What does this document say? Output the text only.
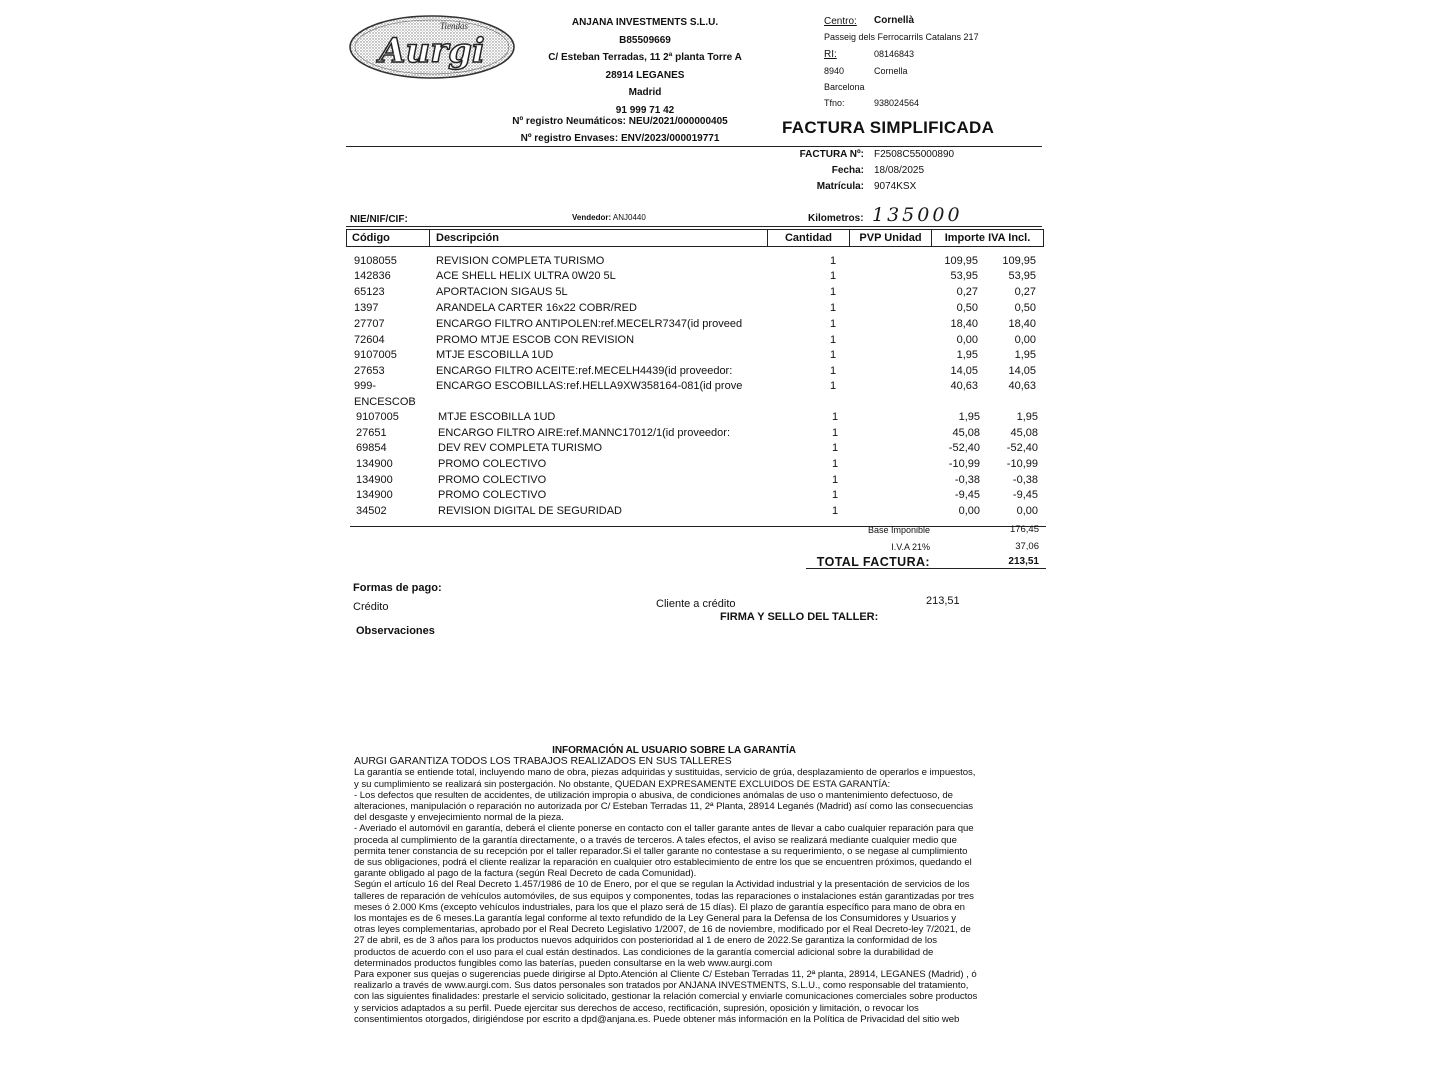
Tiendas
Aurgi
ANJANA INVESTMENTS S.L.U.
B85509669
C/ Esteban Terradas, 11 2ª planta Torre A
28914 LEGANES
Madrid
91 999 71 42
Nº registro Neumáticos: NEU/2021/000000405
Nº registro Envases: ENV/2023/000019771
Centro: Cornellà
Passeig dels Ferrocarrils Catalans 217
RI:	08146843
8940	Cornella
Barcelona
Tfno:	938024564
FACTURA SIMPLIFICADA
FACTURA Nº: F2508C55000890
Fecha: 18/08/2025
Matrícula: 9074KSX
NIE/NIF/CIF:	Vendedor: ANJ0440	Kilometros: 135000
Código	Descripción	Cantidad	PVP Unidad	Importe IVA Incl.
9108055	REVISION COMPLETA TURISMO	1	109,95	109,95
142836	ACE SHELL HELIX ULTRA 0W20 5L	1	53,95	53,95
65123	APORTACION SIGAUS 5L	1	0,27	0,27
1397	ARANDELA CARTER 16x22 COBR/RED	1	0,50	0,50
27707	ENCARGO FILTRO ANTIPOLEN:ref.MECELR7347(id proveed	1	18,40	18,40
72604	PROMO MTJE ESCOB CON REVISION	1	0,00	0,00
9107005	MTJE ESCOBILLA 1UD	1	1,95	1,95
27653	ENCARGO FILTRO ACEITE:ref.MECELH4439(id proveedor:	1	14,05	14,05
999-	ENCARGO ESCOBILLAS:ref.HELLA9XW358164-081(id prove	1	40,63	40,63
ENCESCOB
9107005	MTJE ESCOBILLA 1UD	1	1,95	1,95
27651	ENCARGO FILTRO AIRE:ref.MANNC17012/1(id proveedor:	1	45,08	45,08
69854	DEV REV COMPLETA TURISMO	1	-52,40	-52,40
134900	PROMO COLECTIVO	1	-10,99	-10,99
134900	PROMO COLECTIVO	1	-0,38	-0,38
134900	PROMO COLECTIVO	1	-9,45	-9,45
34502	REVISION DIGITAL DE SEGURIDAD	1	0,00	0,00
Base Imponible	176,45
I.V.A 21%	37,06
TOTAL FACTURA:	213,51
Formas de pago:
Crédito	Cliente a crédito	213,51
FIRMA Y SELLO DEL TALLER:
Observaciones
INFORMACIÓN AL USUARIO SOBRE LA GARANTÍA

AURGI GARANTIZA TODOS LOS TRABAJOS REALIZADOS EN SUS TALLERES

La garantía se entiende total, incluyendo mano de obra, piezas adquiridas y sustituidas, servicio de grúa, desplazamiento de operarlos e impuestos,

y su cumplimiento se realizará sin postergación. No obstante, QUEDAN EXPRESAMENTE EXCLUIDOS DE ESTA GARANTÍA:

- Los defectos que resulten de accidentes, de utilización impropia o abusiva, de condiciones anómalas de uso o mantenimiento defectuoso, de

alteraciones, manipulación o reparación no autorizada por C/ Esteban Terradas 11, 2ª Planta, 28914 Leganés (Madrid) así como las consecuencias

del desgaste y envejecimiento normal de la pieza.

- Averiado el automóvil en garantía, deberá el cliente ponerse en contacto con el taller garante antes de llevar a cabo cualquier reparación para que

proceda al cumplimiento de la garantía directamente, o a través de terceros. A tales efectos, el aviso se realizará mediante cualquier medio que

permita tener constancia de su recepción por el taller reparador.Si el taller garante no contestase a su requerimiento, o se negase al cumplimiento

de sus obligaciones, podrá el cliente realizar la reparación en cualquier otro establecimiento de entre los que se encuentren próximos, quedando el

garante obligado al pago de la factura (según Real Decreto de cada Comunidad).

Según el artículo 16 del Real Decreto 1.457/1986 de 10 de Enero, por el que se regulan la Actividad industrial y la presentación de servicios de los

talleres de reparación de vehículos automóviles, de sus equipos y componentes, todas las reparaciones o instalaciones están garantizadas por tres

meses ó 2.000 Kms (excepto vehículos industriales, para los que el plazo será de 15 días). El plazo de garantía específico para mano de obra en

los montajes es de 6 meses.La garantía legal conforme al texto refundido de la Ley General para la Defensa de los Consumidores y Usuarios y

otras leyes complementarias, aprobado por el Real Decreto Legislativo 1/2007, de 16 de noviembre, modificado por el Real Decreto-ley 7/2021, de

27 de abril, es de 3 años para los productos nuevos adquiridos con posterioridad al 1 de enero de 2022.Se garantiza la conformidad de los

productos de acuerdo con el uso para el cual están destinados. Las condiciones de la garantía comercial adicional sobre la durabilidad de

determinados productos fungibles como las baterías, pueden consultarse en la web www.aurgi.com

Para exponer sus quejas o sugerencias puede dirigirse al Dpto.Atención al Cliente C/ Esteban Terradas 11, 2ª planta, 28914, LEGANES (Madrid) , ó

realizarlo a través de www.aurgi.com. Sus datos personales son tratados por ANJANA INVESTMENTS, S.L.U., como responsable del tratamiento,

con las siguientes finalidades: prestarle el servicio solicitado, gestionar la relación comercial y enviarle comunicaciones comerciales sobre productos

y servicios adaptados a su perfil. Puede ejercitar sus derechos de acceso, rectificación, supresión, oposición y limitación, o revocar los

consentimientos otorgados, dirigiéndose por escrito a dpd@anjana.es. Puede obtener más información en la Política de Privacidad del sitio web
